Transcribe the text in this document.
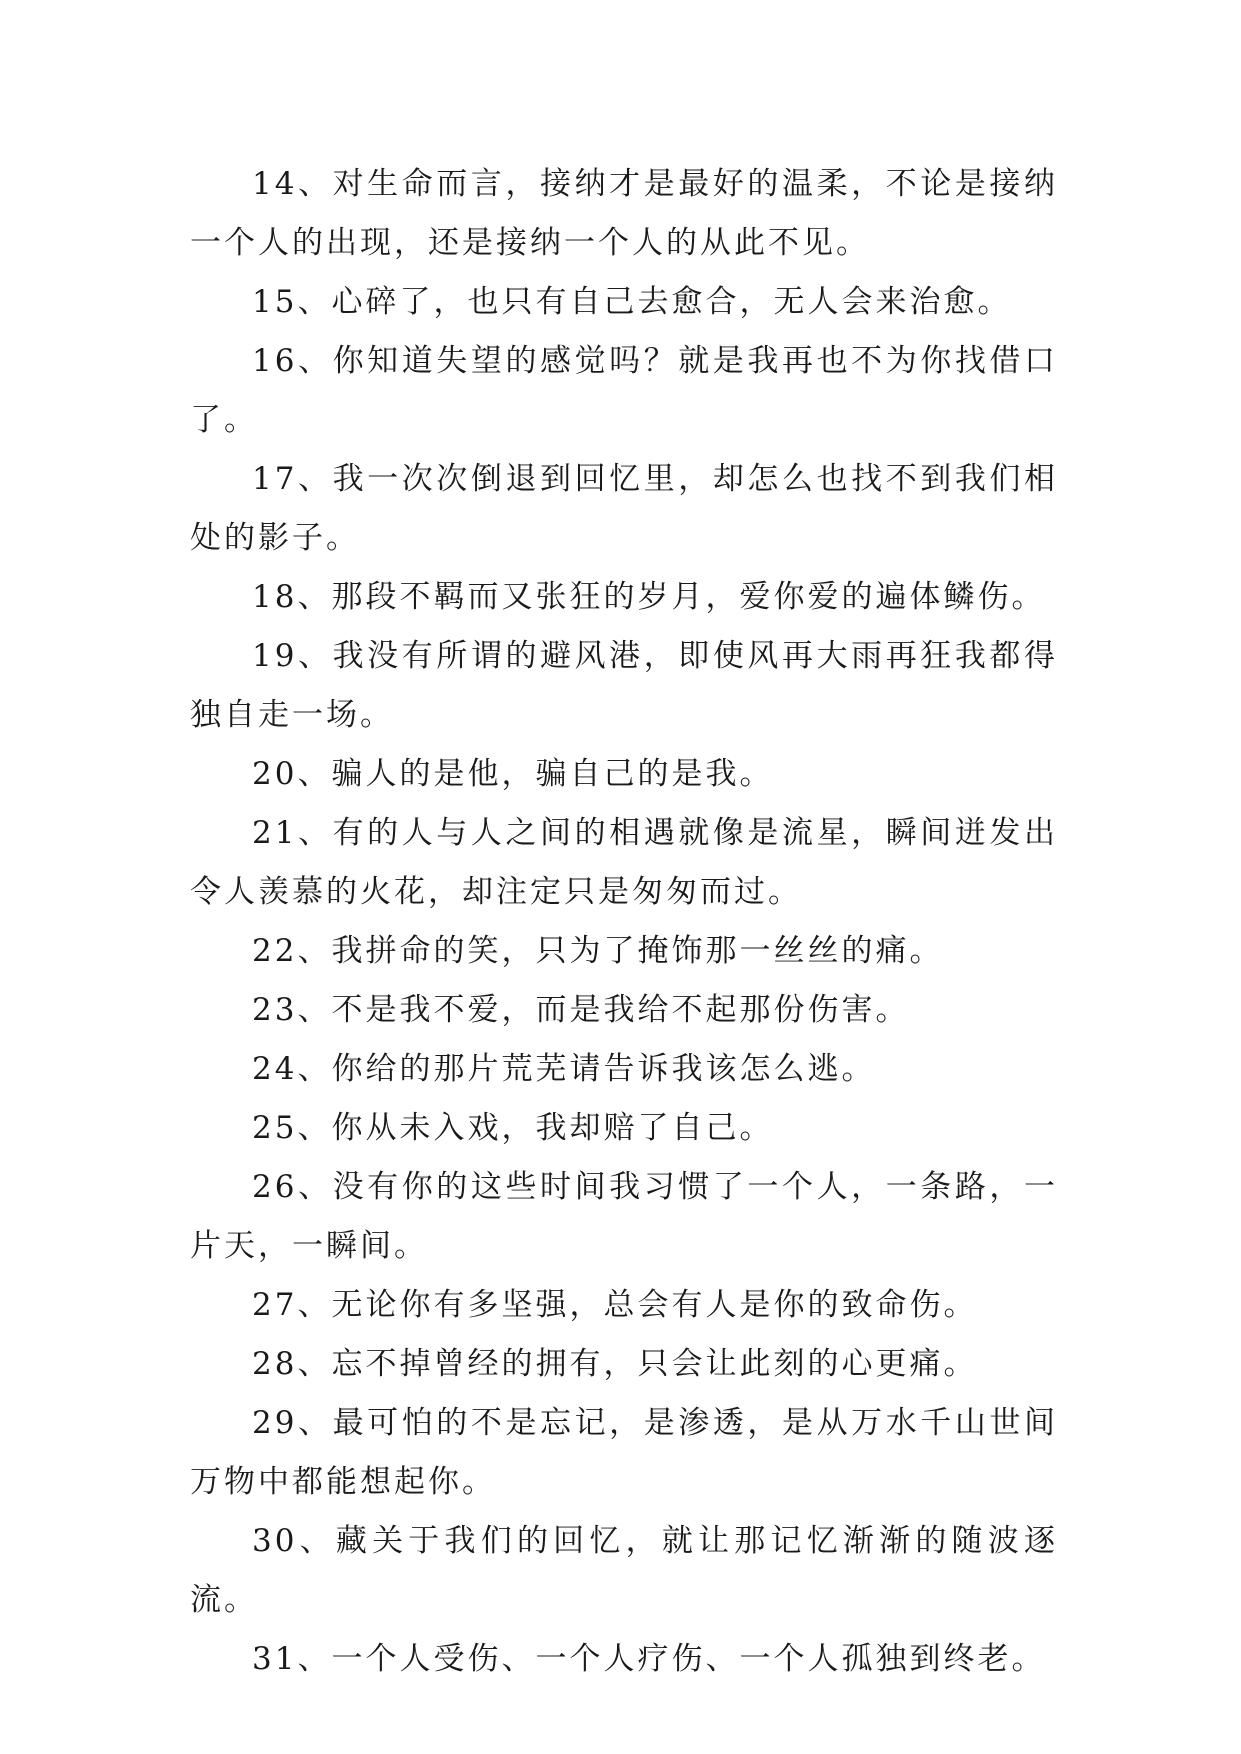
14、对生命而言，接纳才是最好的温柔，不论是接纳一个人的出现，还是接纳一个人的从此不见。

15、心碎了，也只有自己去愈合，无人会来治愈。

16、你知道失望的感觉吗？就是我再也不为你找借口了。

17、我一次次倒退到回忆里，却怎么也找不到我们相处的影子。

18、那段不羁而又张狂的岁月，爱你爱的遍体鳞伤。

19、我没有所谓的避风港，即使风再大雨再狂我都得独自走一场。

20、骗人的是他，骗自己的是我。

21、有的人与人之间的相遇就像是流星，瞬间迸发出令人羡慕的火花，却注定只是匆匆而过。

22、我拼命的笑，只为了掩饰那一丝丝的痛。

23、不是我不爱，而是我给不起那份伤害。

24、你给的那片荒芜请告诉我该怎么逃。

25、你从未入戏，我却赔了自己。

26、没有你的这些时间我习惯了一个人，一条路，一片天，一瞬间。

27、无论你有多坚强，总会有人是你的致命伤。

28、忘不掉曾经的拥有，只会让此刻的心更痛。

29、最可怕的不是忘记，是渗透，是从万水千山世间万物中都能想起你。

30、藏关于我们的回忆，就让那记忆渐渐的随波逐流。

31、一个人受伤、一个人疗伤、一个人孤独到终老。
